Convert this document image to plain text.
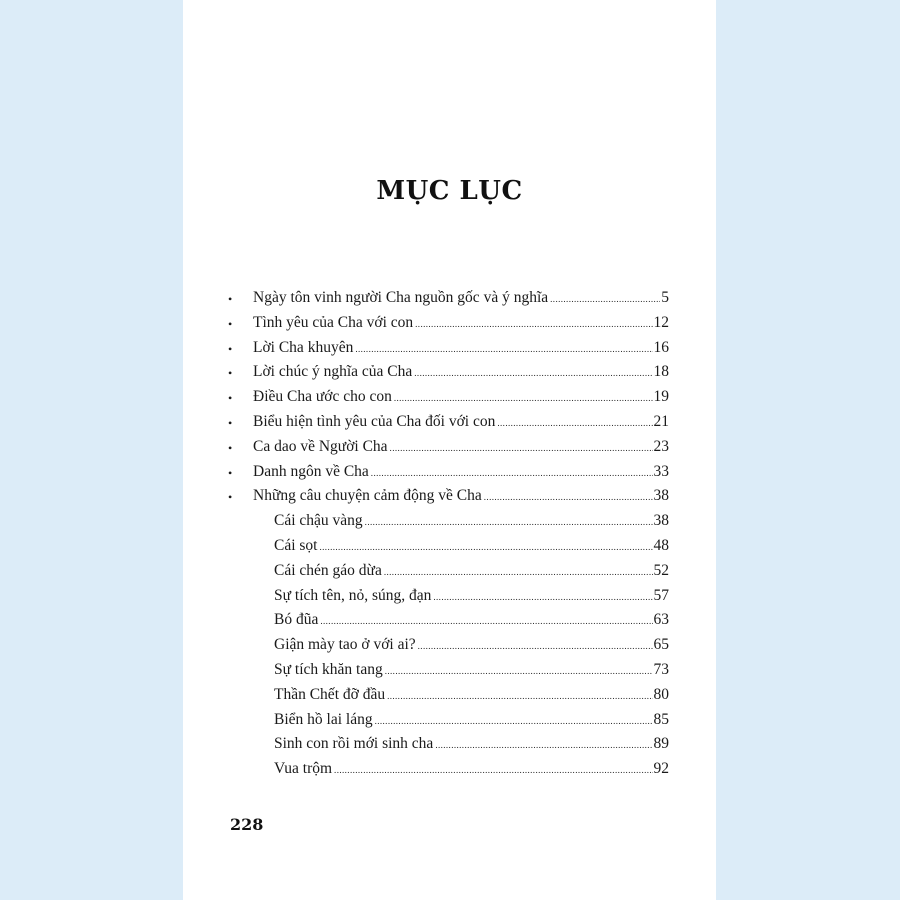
MỤC LỤC
• Ngày tôn vinh người Cha nguồn gốc và ý nghĩa .....	5
• Tình yêu của Cha với con .....	12
• Lời Cha khuyên .....	16
• Lời chúc ý nghĩa của Cha .....	18
• Điều Cha ước cho con .....	19
• Biểu hiện tình yêu của Cha đối với con .....	21
• Ca dao về Người Cha .....	23
• Danh ngôn về Cha .....	33
• Những câu chuyện cảm động về Cha .....	38
Cái chậu vàng .....	38
Cái sọt .....	48
Cái chén gáo dừa .....	52
Sự tích tên, nỏ, súng, đạn .....	57
Bó đũa .....	63
Giận mày tao ở với ai? .....	65
Sự tích khăn tang .....	73
Thần Chết đỡ đầu .....	80
Biển hồ lai láng .....	85
Sinh con rồi mới sinh cha .....	89
Vua trộm .....	92
228
